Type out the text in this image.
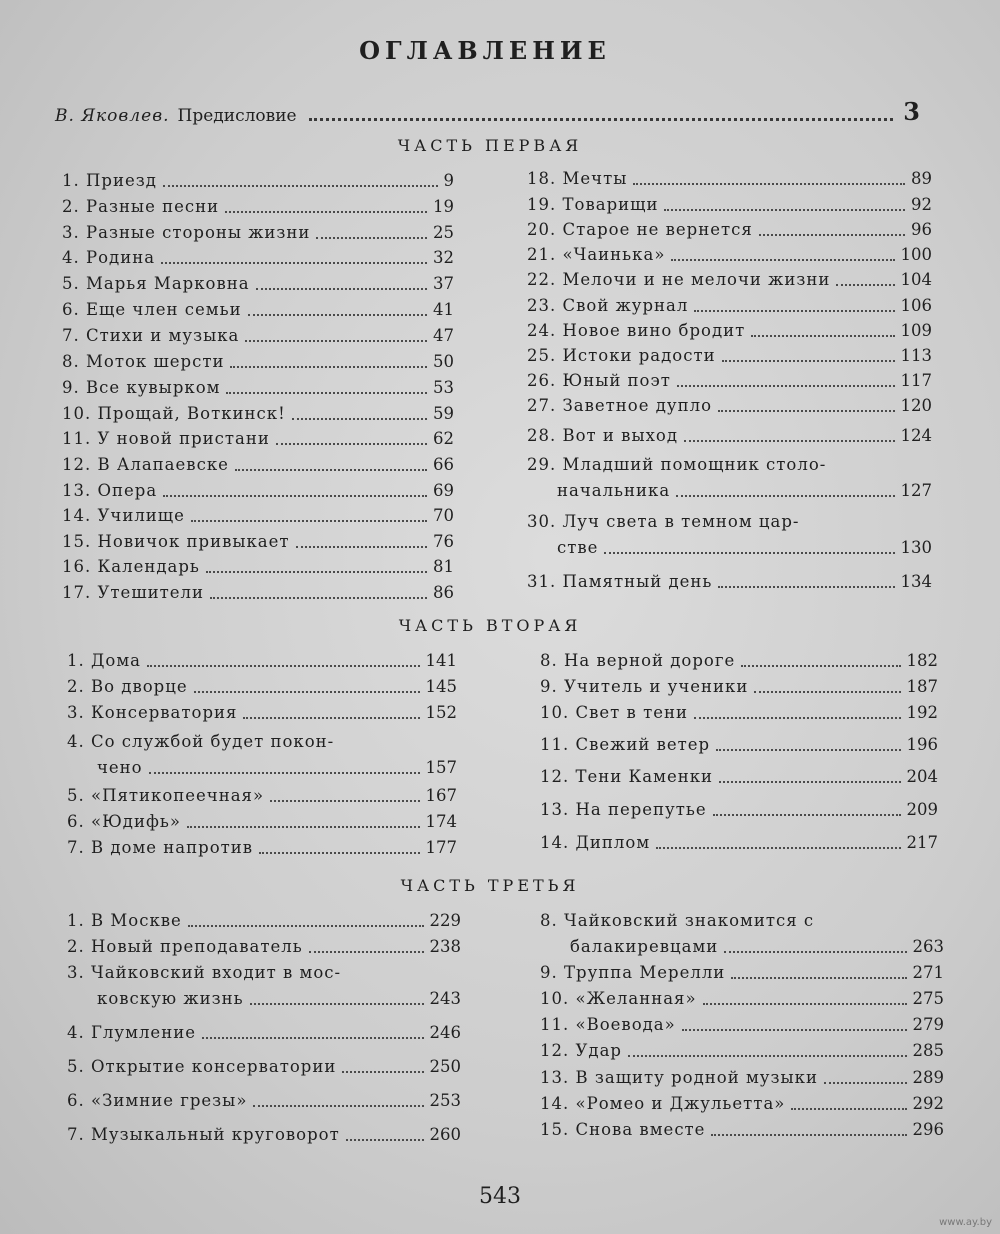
ОГЛАВЛЕНИЕ
В. Яковлев. Предисловие	3
ЧАСТЬ ПЕРВАЯ
ЧАСТЬ ВТОРАЯ
ЧАСТЬ ТРЕТЬЯ
1. Приезд	9
2. Разные песни	19
3. Разные стороны жизни	25
4. Родина	32
5. Марья Марковна	37
6. Еще член семьи	41
7. Стихи и музыка	47
8. Моток шерсти	50
9. Все кувырком	53
10. Прощай, Воткинск!	59
11. У новой пристани	62
12. В Алапаевске	66
13. Опера	69
14. Училище	70
15. Новичок привыкает	76
16. Календарь	81
17. Утешители	86
18. Мечты	89
19. Товарищи	92
20. Старое не вернется	96
21. «Чаинька»	100
22. Мелочи и не мелочи жизни	104
23. Свой журнал	106
24. Новое вино бродит	109
25. Истоки радости	113
26. Юный поэт	117
27. Заветное дупло	120
28. Вот и выход	124
29. Младший помощник столо-
начальника	127
30. Луч света в темном цар-
стве	130
31. Памятный день	134
1. Дома	141
2. Во дворце	145
3. Консерватория	152
4. Со службой будет покон-
чено	157
5. «Пятикопеечная»	167
6. «Юдифь»	174
7. В доме напротив	177
8. На верной дороге	182
9. Учитель и ученики	187
10. Свет в тени	192
11. Свежий ветер	196
12. Тени Каменки	204
13. На перепутье	209
14. Диплом	217
1. В Москве	229
2. Новый преподаватель	238
3. Чайковский входит в мос-
ковскую жизнь	243
4. Глумление	246
5. Открытие консерватории	250
6. «Зимние грезы»	253
7. Музыкальный круговорот	260
8. Чайковский знакомится с
балакиревцами	263
9. Труппа Мерелли	271
10. «Желанная»	275
11. «Воевода»	279
12. Удар	285
13. В защиту родной музыки	289
14. «Ромео и Джульетта»	292
15. Снова вместе	296
543
www.ay.by
